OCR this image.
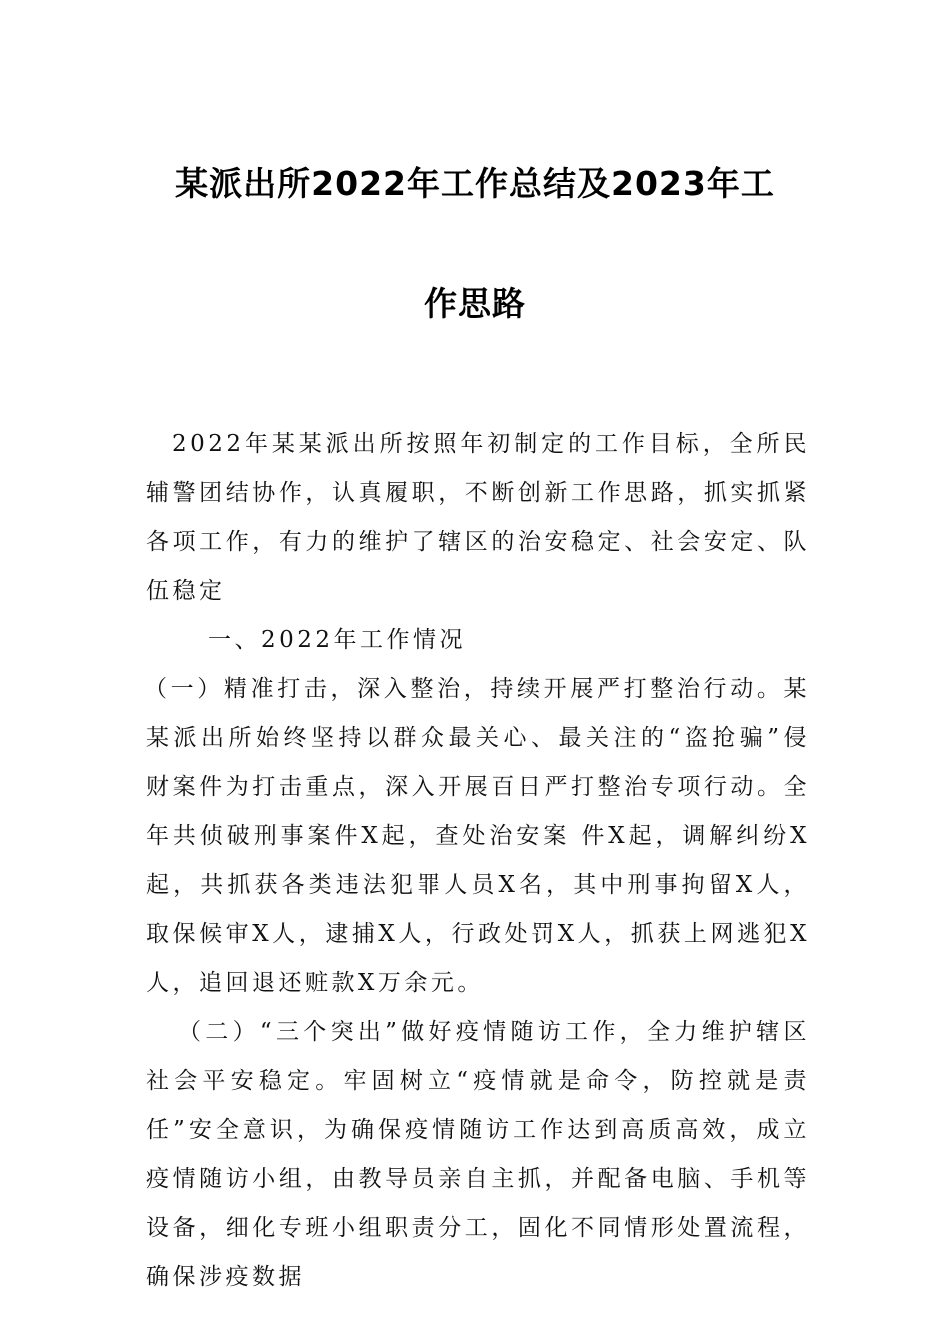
某派出所2022年工作总结及2023年工
作思路

2022年某某派出所按照年初制定的工作目标，全所民辅警团结协作，认真履职，不断创新工作思路，抓实抓紧各项工作，有力的维护了辖区的治安稳定、社会安定、队伍稳定

一、2022年工作情况

（一）精准打击，深入整治，持续开展严打整治行动。某某派出所始终坚持以群众最关心、最关注的“盗抢骗”侵财案件为打击重点，深入开展百日严打整治专项行动。全年共侦破刑事案件X起，查处治安案 件X起，调解纠纷X起，共抓获各类违法犯罪人员X名，其中刑事拘留X人，取保候审X人，逮捕X人，行政处罚X人，抓获上网逃犯X人，追回退还赃款X万余元。

（二）“三个突出”做好疫情随访工作，全力维护辖区社会平安稳定。牢固树立“疫情就是命令，防控就是责任”安全意识，为确保疫情随访工作达到高质高效，成立疫情随访小组，由教导员亲自主抓，并配备电脑、手机等设备，细化专班小组职责分工，固化不同情形处置流程，确保涉疫数据
